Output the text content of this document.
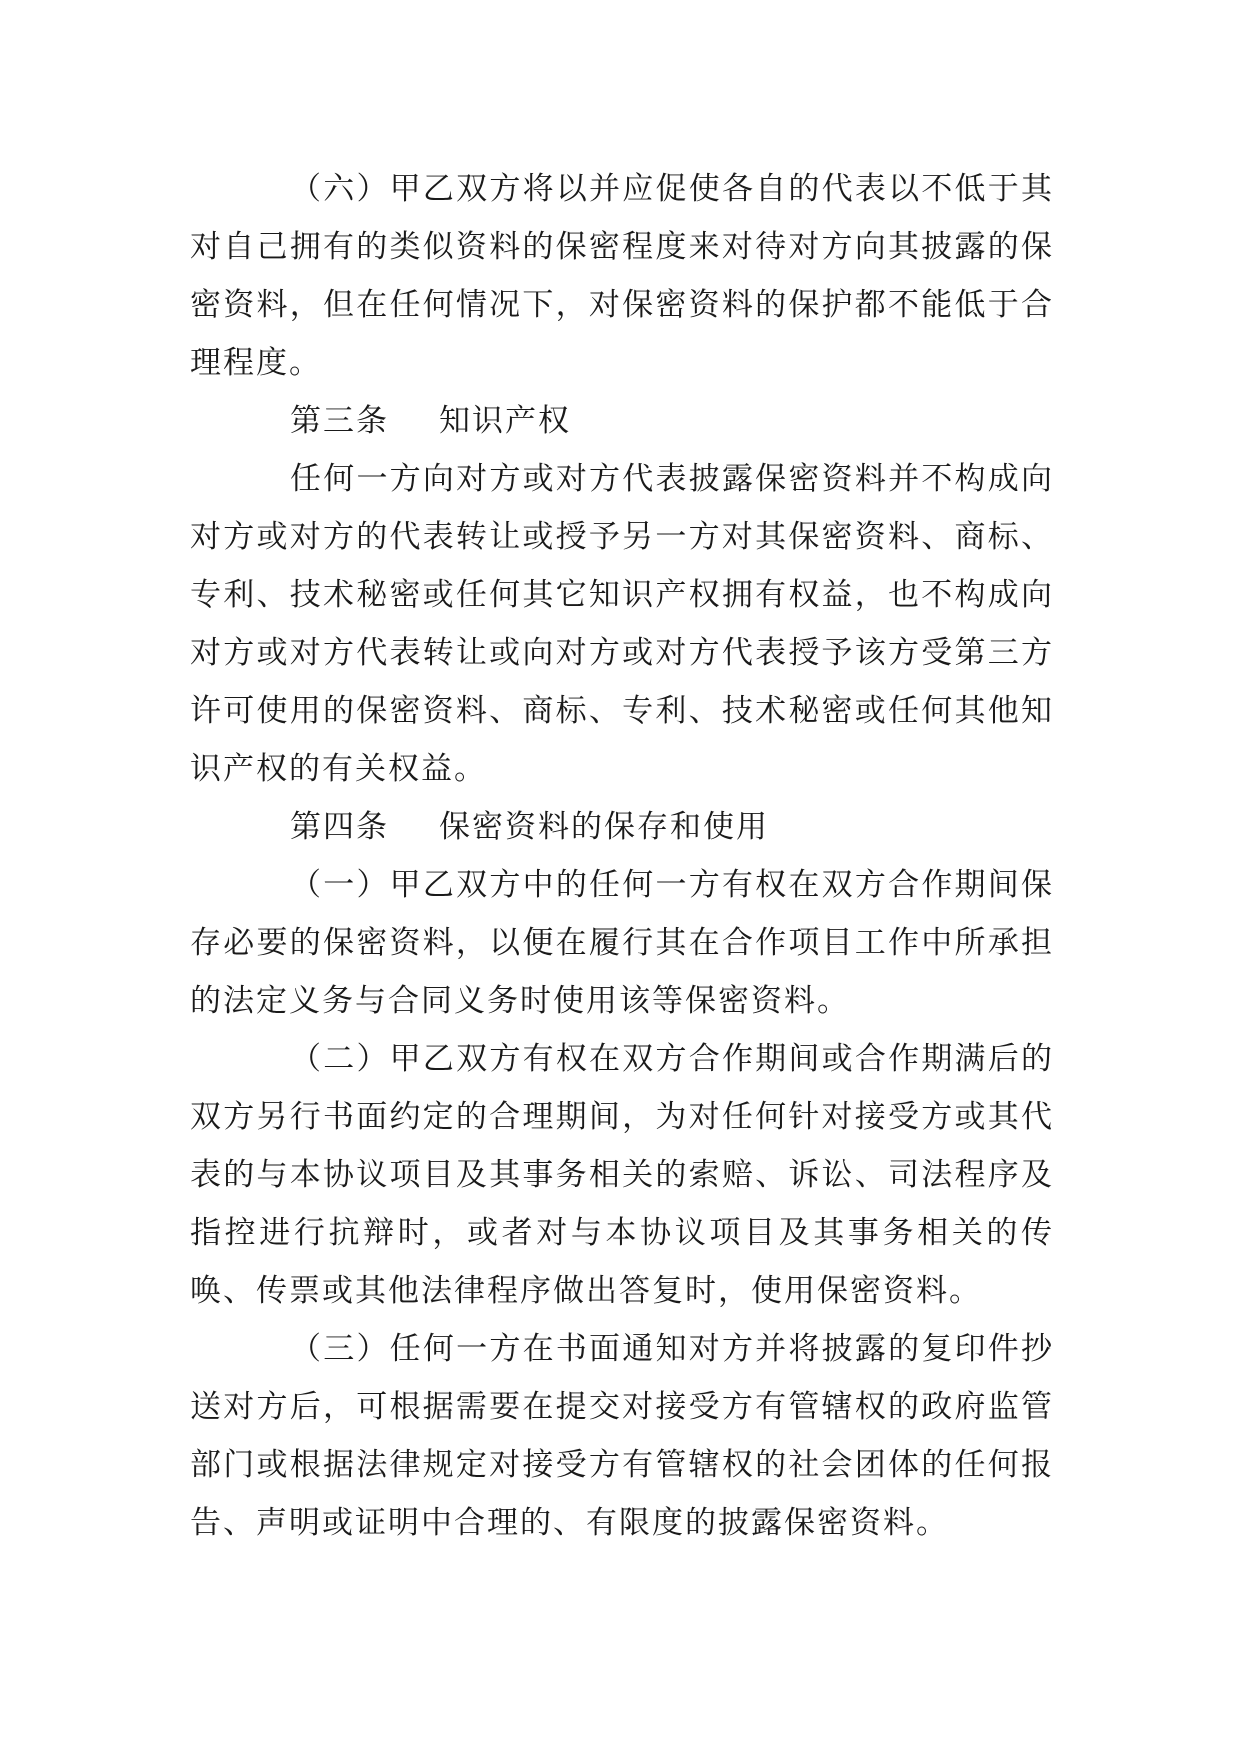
（六）甲乙双方将以并应促使各自的代表以不低于其对自己拥有的类似资料的保密程度来对待对方向其披露的保密资料，但在任何情况下，对保密资料的保护都不能低于合理程度。

第三条 知识产权

任何一方向对方或对方代表披露保密资料并不构成向对方或对方的代表转让或授予另一方对其保密资料、商标、专利、技术秘密或任何其它知识产权拥有权益，也不构成向对方或对方代表转让或向对方或对方代表授予该方受第三方许可使用的保密资料、商标、专利、技术秘密或任何其他知识产权的有关权益。

第四条 保密资料的保存和使用

（一）甲乙双方中的任何一方有权在双方合作期间保存必要的保密资料，以便在履行其在合作项目工作中所承担的法定义务与合同义务时使用该等保密资料。

（二）甲乙双方有权在双方合作期间或合作期满后的双方另行书面约定的合理期间，为对任何针对接受方或其代表的与本协议项目及其事务相关的索赔、诉讼、司法程序及指控进行抗辩时，或者对与本协议项目及其事务相关的传唤、传票或其他法律程序做出答复时，使用保密资料。

（三）任何一方在书面通知对方并将披露的复印件抄送对方后，可根据需要在提交对接受方有管辖权的政府监管部门或根据法律规定对接受方有管辖权的社会团体的任何报告、声明或证明中合理的、有限度的披露保密资料。
